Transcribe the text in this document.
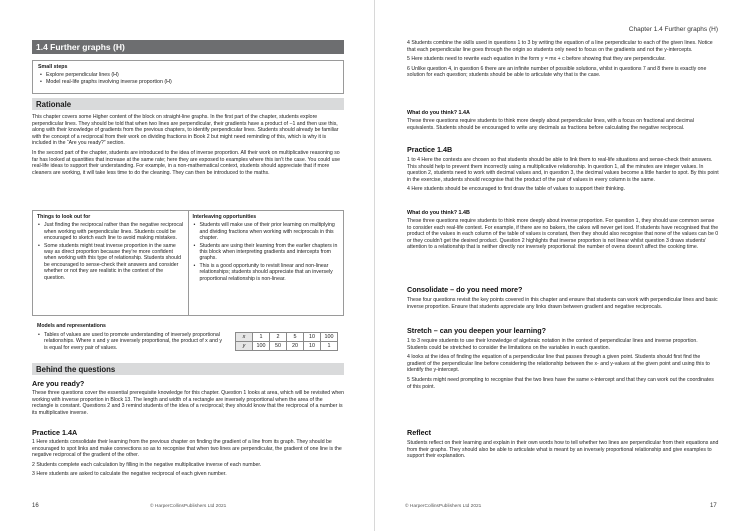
1.4 Further graphs (H)
Small steps
• Explore perpendicular lines (H)
• Model real-life graphs involving inverse proportion (H)
Rationale

This chapter covers some Higher content of the block on straight-line graphs. In the first part of the chapter, students explore perpendicular lines. They should be told that when two lines are perpendicular, their gradients have a product of −1 and then use this, along with their knowledge of gradients from the previous chapters, to identify perpendicular lines. Students should already be familiar with the concept of a reciprocal from their work on dividing fractions in Book 2 but might need reminding of this, which is why it is included in the “Are you ready?” section.

In the second part of the chapter, students are introduced to the idea of inverse proportion. All their work on multiplicative reasoning so far has looked at quantities that increase at the same rate; here they are exposed to examples where this isn’t the case. You could use real-life ideas to support their understanding. For example, in a non-mathematical context, students should appreciate that if more cleaners are working, it will take less time to do the cleaning. They can then be introduced to the maths.

Things to look out for
• Just finding the reciprocal rather than the negative reciprocal when working with perpendicular lines. Students could be encouraged to sketch each line to avoid making mistakes.
• Some students might treat inverse proportion in the same way as direct proportion because they’re more confident when working with this type of relationship. Students should be encouraged to sense-check their answers and consider whether or not they are realistic in the context of the question.
Interleaving opportunities
• Students will make use of their prior learning on multiplying and dividing fractions when working with reciprocals in this chapter.
• Students are using their learning from the earlier chapters in this block when interpreting gradients and intercepts from graphs.
• This is a good opportunity to revisit linear and non-linear relationships; students should appreciate that an inversely proportional relationship is non-linear.
Models and representations
• Tables of values are used to promote understanding of inversely proportional relationships. Where x and y are inversely proportional, the product of x and y is equal for every pair of values.
x	1	2	5	10	100
y	100	50	20	10	1
Behind the questions
Are you ready?
These three questions cover the essential prerequisite knowledge for this chapter. Question 1 looks at area, which will be revisited when working with inverse proportion in Block 13. The length and width of a rectangle are inversely proportional when the area of the rectangle is constant. Questions 2 and 3 remind students of the idea of a reciprocal; they should know that the reciprocal of a number is its multiplicative inverse.
Practice 1.4A

1 Here students consolidate their learning from the previous chapter on finding the gradient of a line from its graph. They should be encouraged to spot links and make connections so as to recognise that when two lines are perpendicular, the gradient of one line is the negative reciprocal of the gradient of the other.

2 Students complete each calculation by filling in the negative multiplicative inverse of each number.

3 Here students are asked to calculate the negative reciprocal of each given number.

16	© HarperCollinsPublishers Ltd 2021
Chapter 1.4 Further graphs (H)

4 Students combine the skills used in questions 1 to 3 by writing the equation of a line perpendicular to each of the given lines. Notice that each perpendicular line goes through the origin so students only need to focus on the gradients and not the y-intercepts.

5 Here students need to rewrite each equation in the form y = mx + c before showing that they are perpendicular.

6 Unlike question 4, in question 6 there are an infinite number of possible solutions, whilst in questions 7 and 8 there is exactly one solution for each question; students should be able to articulate why that is the case.

What do you think? 1.4A
These three questions require students to think more deeply about perpendicular lines, with a focus on fractional and decimal equivalents. Students should be encouraged to write any decimals as fractions before calculating the negative reciprocal.
Practice 1.4B

1 to 4 Here the contexts are chosen so that students should be able to link them to real-life situations and sense-check their answers. This should help to prevent them incorrectly using a multiplicative relationship. In question 1, all the minutes are integer values. In question 2, students need to work with decimal values and, in question 3, the decimal values become a little harder to spot. By this point in the exercise, students should recognise that the product of the pair of values in every column is the same.

4 Here students should be encouraged to first draw the table of values to support their thinking.

What do you think? 1.4B
These three questions require students to think more deeply about inverse proportion. For question 1, they should use common sense to consider each real-life context. For example, if there are no bakers, the cakes will never get iced. If students have recognised that the product of the values in each column of the table of values is constant, then they should also recognise that none of the values can be 0 or they couldn’t get the desired product. Question 2 highlights that inverse proportion is not linear whilst question 3 draws students’ attention to a relationship that is neither directly nor inversely proportional: the number of ovens doesn’t affect the cooking time.
Consolidate – do you need more?
These four questions revisit the key points covered in this chapter and ensure that students can work with perpendicular lines and basic inverse proportion. Ensure that students appreciate any links drawn between gradient and negative reciprocals.
Stretch – can you deepen your learning?

1 to 3 require students to use their knowledge of algebraic notation in the context of perpendicular lines and inverse proportion. Students could be stretched to consider the limitations on the variables in each question.

4 looks at the idea of finding the equation of a perpendicular line that passes through a given point. Students should first find the gradient of the perpendicular line before considering the relationship between the x- and y-values at the given point and using this to identify the y-intercept.

5 Students might need prompting to recognise that the two lines have the same x-intercept and that they can work out the coordinates of this point.

Reflect
Students reflect on their learning and explain in their own words how to tell whether two lines are perpendicular from their equations and from their graphs. They should also be able to articulate what is meant by an inversely proportional relationship and give examples to support their explanation.
© HarperCollinsPublishers Ltd 2021	17
